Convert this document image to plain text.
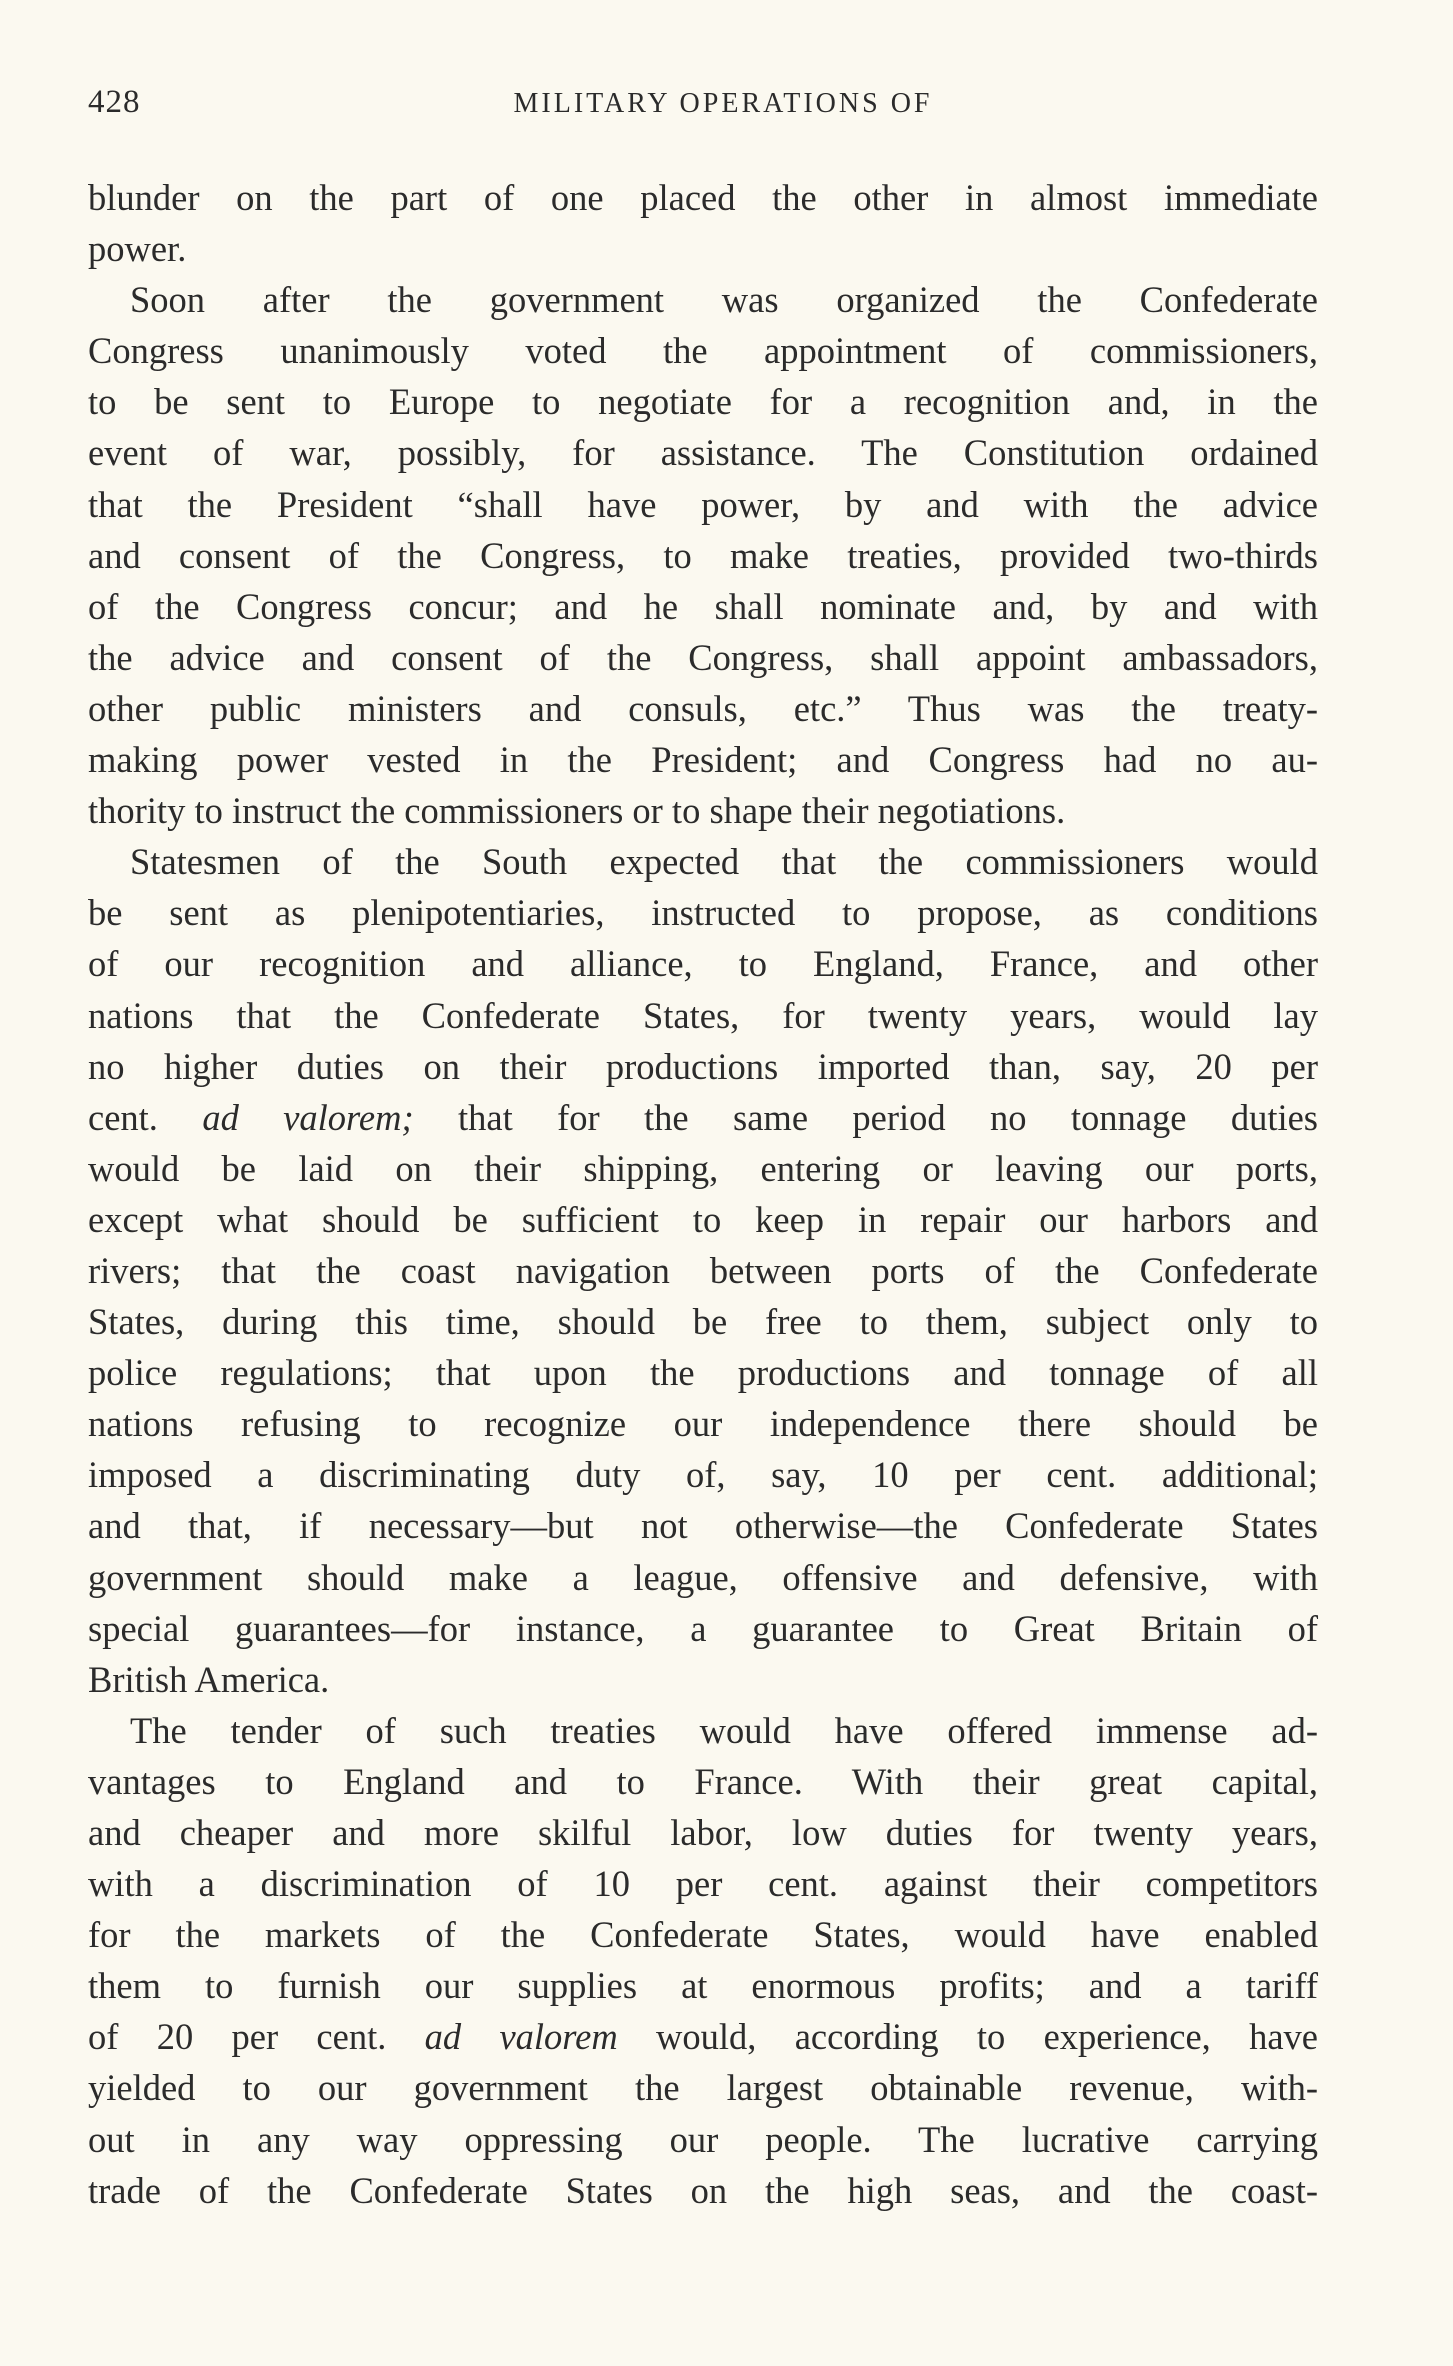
428	MILITARY OPERATIONS OF
blunder on the part of one placed the other in almost immediate
power.
Soon after the government was organized the Confederate
Congress unanimously voted the appointment of commissioners,
to be sent to Europe to negotiate for a recognition and, in the
event of war, possibly, for assistance. The Constitution ordained
that the President “shall have power, by and with the advice
and consent of the Congress, to make treaties, provided two-thirds
of the Congress concur; and he shall nominate and, by and with
the advice and consent of the Congress, shall appoint ambassadors,
other public ministers and consuls, etc.” Thus was the treaty-
making power vested in the President; and Congress had no au-
thority to instruct the commissioners or to shape their negotiations.
Statesmen of the South expected that the commissioners would
be sent as plenipotentiaries, instructed to propose, as conditions
of our recognition and alliance, to England, France, and other
nations that the Confederate States, for twenty years, would lay
no higher duties on their productions imported than, say, 20 per
cent. ad valorem; that for the same period no tonnage duties
would be laid on their shipping, entering or leaving our ports,
except what should be sufficient to keep in repair our harbors and
rivers; that the coast navigation between ports of the Confederate
States, during this time, should be free to them, subject only to
police regulations; that upon the productions and tonnage of all
nations refusing to recognize our independence there should be
imposed a discriminating duty of, say, 10 per cent. additional;
and that, if necessary—but not otherwise—the Confederate States
government should make a league, offensive and defensive, with
special guarantees—for instance, a guarantee to Great Britain of
British America.
The tender of such treaties would have offered immense ad-
vantages to England and to France. With their great capital,
and cheaper and more skilful labor, low duties for twenty years,
with a discrimination of 10 per cent. against their competitors
for the markets of the Confederate States, would have enabled
them to furnish our supplies at enormous profits; and a tariff
of 20 per cent. ad valorem would, according to experience, have
yielded to our government the largest obtainable revenue, with-
out in any way oppressing our people. The lucrative carrying
trade of the Confederate States on the high seas, and the coast-
